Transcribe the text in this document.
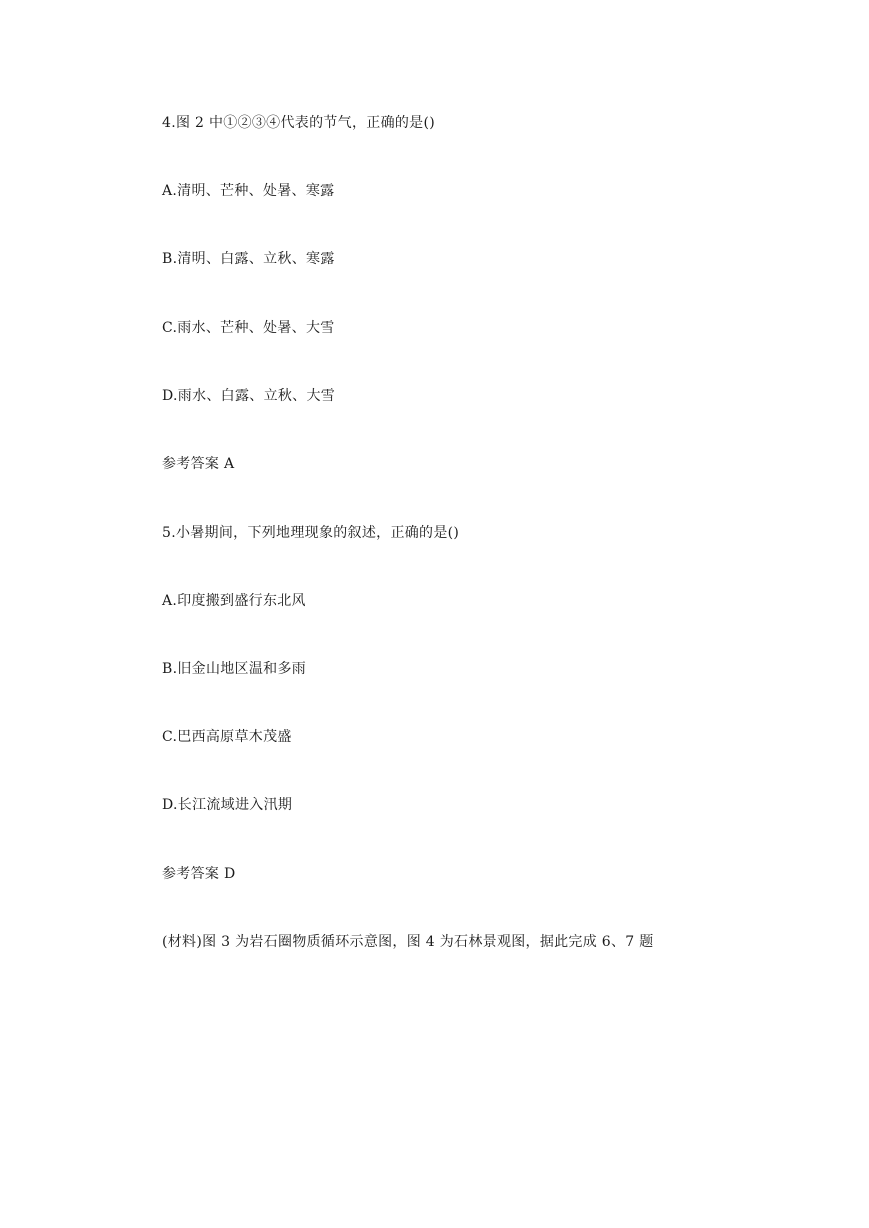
4.图 2 中①②③④代表的节气，正确的是()
A.清明、芒种、处暑、寒露
B.清明、白露、立秋、寒露
C.雨水、芒种、处暑、大雪
D.雨水、白露、立秋、大雪
参考答案 A
5.小暑期间，下列地理现象的叙述，正确的是()
A.印度搬到盛行东北风
B.旧金山地区温和多雨
C.巴西高原草木茂盛
D.长江流域进入汛期
参考答案 D
(材料)图 3 为岩石圈物质循环示意图，图 4 为石林景观图，据此完成 6、7 题
